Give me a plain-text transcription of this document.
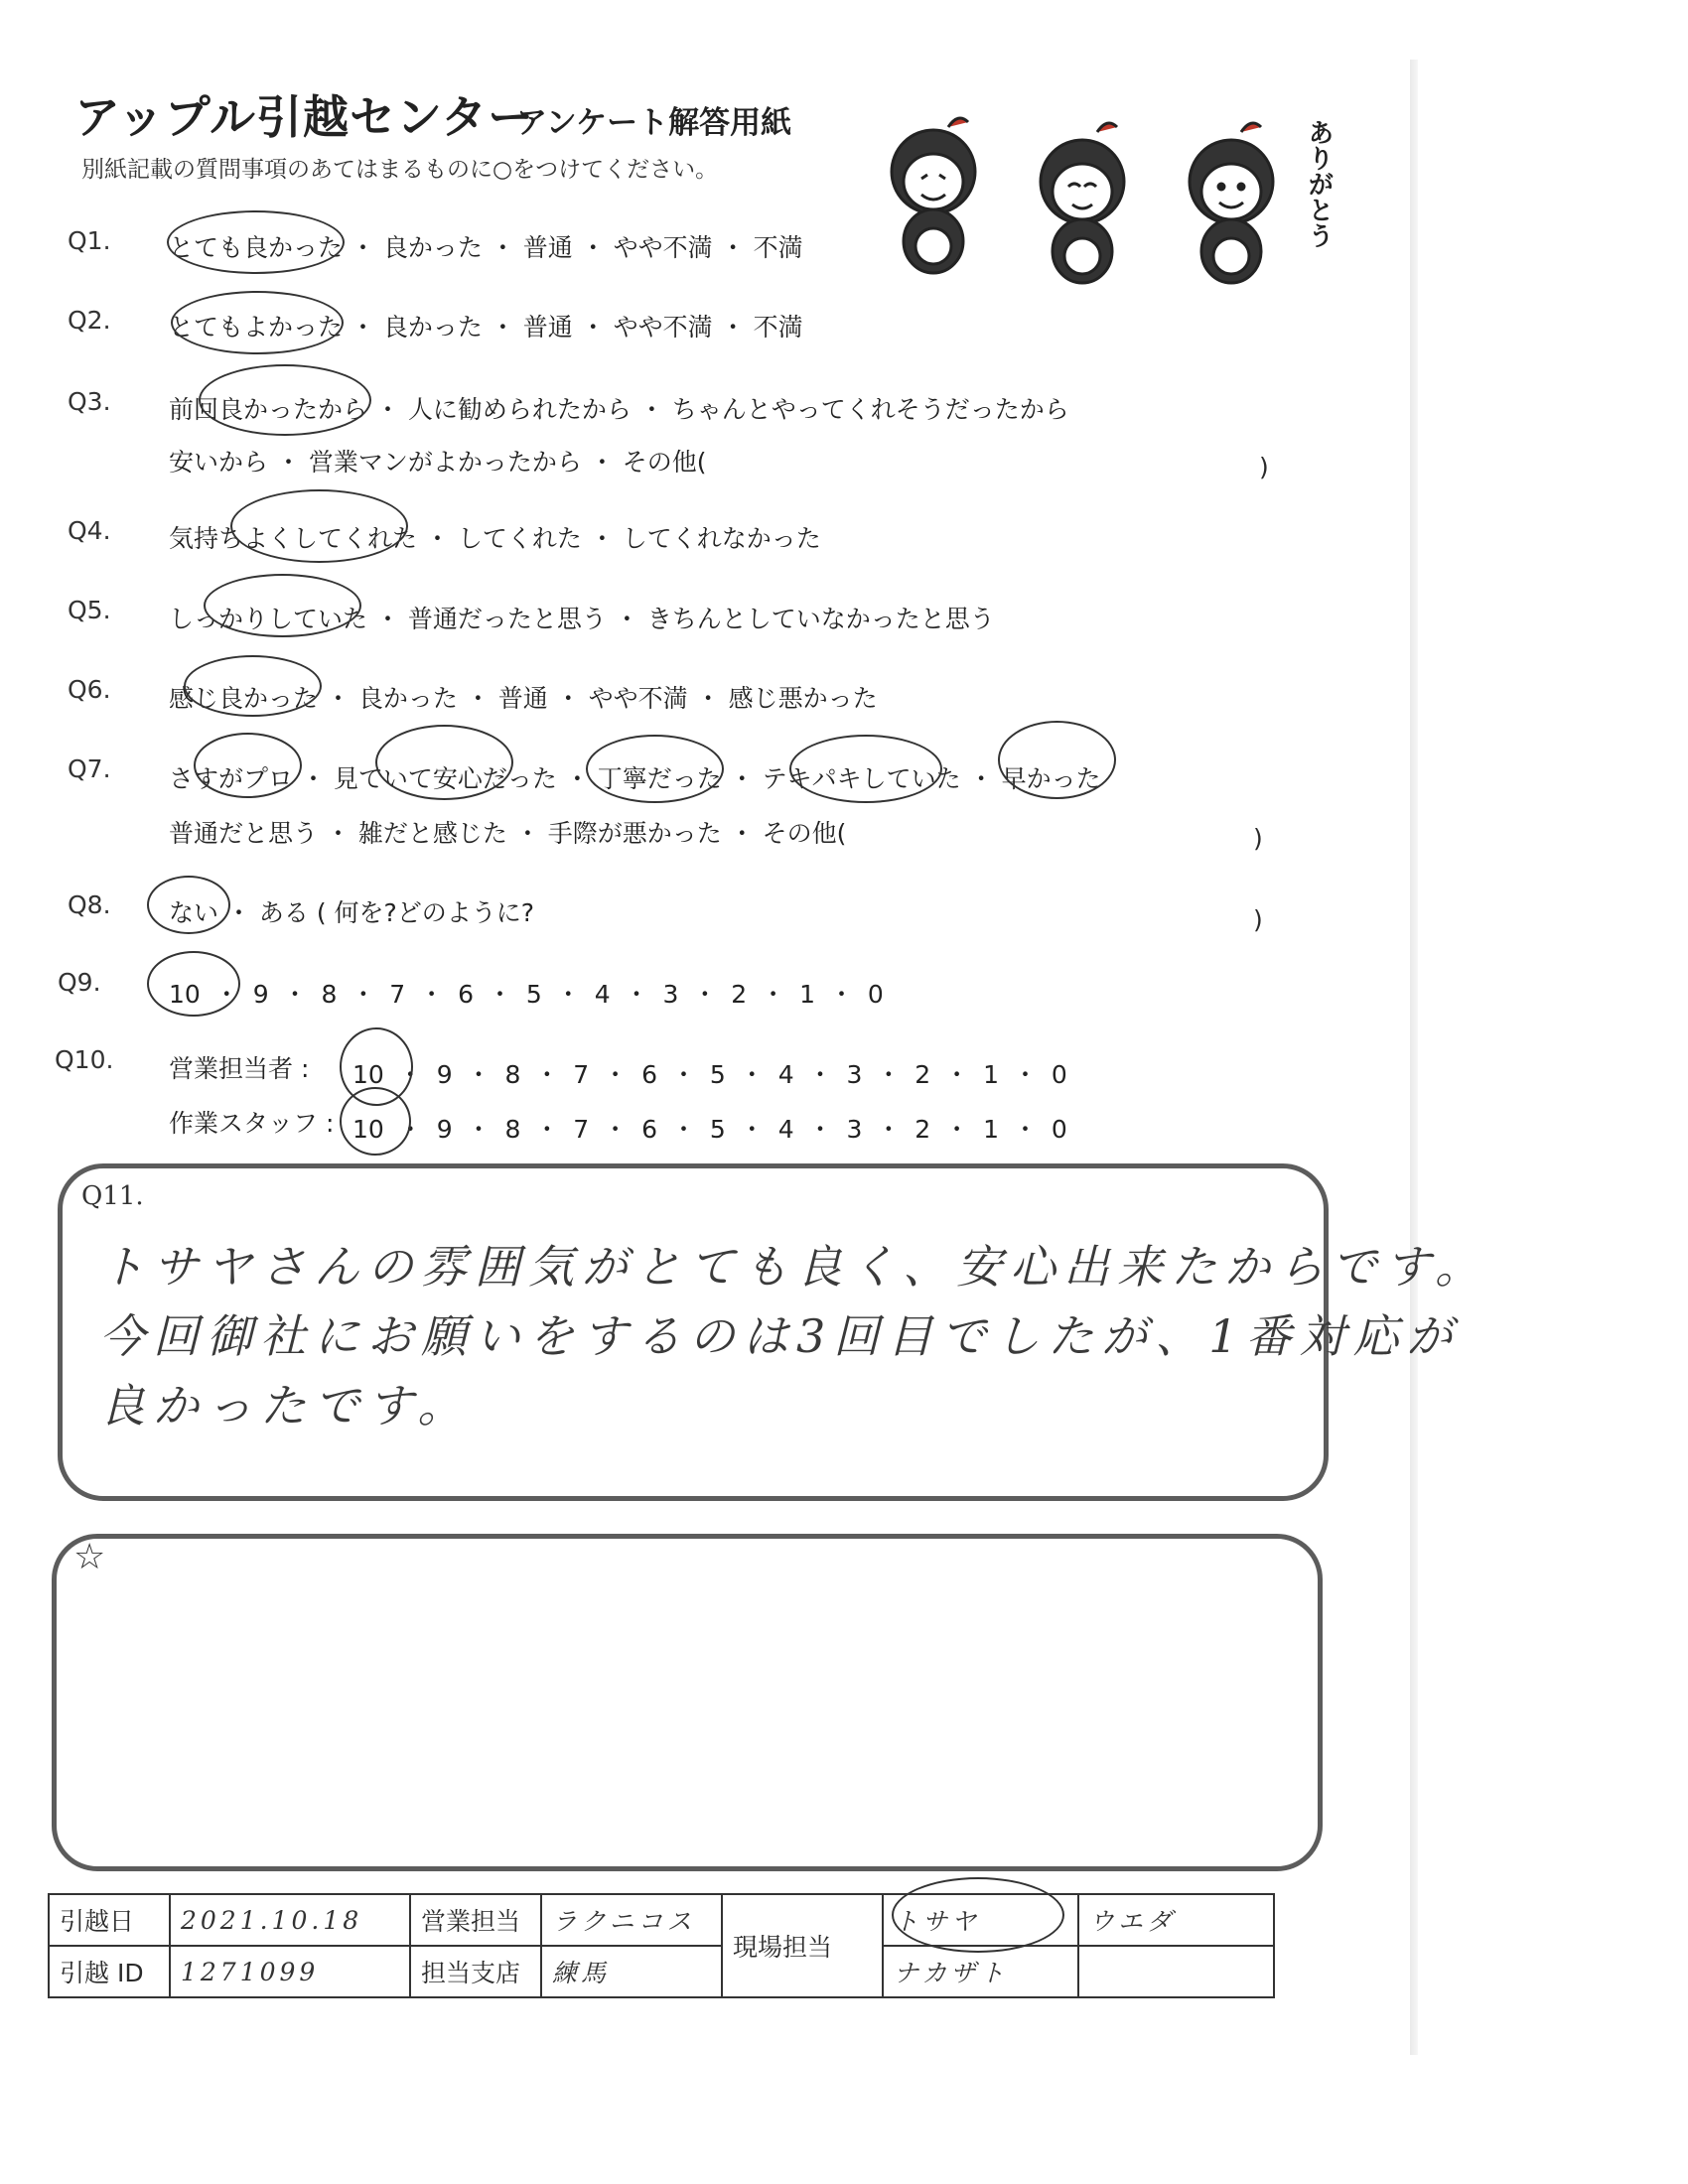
アップル引越センター
アンケート解答用紙
別紙記載の質問事項のあてはまるものに○をつけてください。	ありがとう
Q1. とても良かった ・ 良かった ・ 普通 ・ やや不満 ・ 不満
Q2. とてもよかった ・ 良かった ・ 普通 ・ やや不満 ・ 不満
Q3. 前回良かったから ・ 人に勧められたから ・ ちゃんとやってくれそうだったから
安いから ・ 営業マンがよかったから ・ その他(	)
Q4. 気持ちよくしてくれた ・ してくれた ・ してくれなかった
Q5. しっかりしていた ・ 普通だったと思う ・ きちんとしていなかったと思う
Q6. 感じ良かった ・ 良かった ・ 普通 ・ やや不満 ・ 感じ悪かった
Q7. さすがプロ ・ 見ていて安心だった ・ 丁寧だった ・ テキパキしていた ・ 早かった
普通だと思う ・ 雑だと感じた ・ 手際が悪かった ・ その他(	)
Q8. ない ・ ある ( 何を?どのように?	)
Q9.	10 ・ 9 ・ 8 ・ 7 ・ 6 ・ 5 ・ 4 ・ 3 ・ 2 ・ 1 ・ 0
Q10. 営業担当者 : 10 ・ 9 ・ 8 ・ 7 ・ 6 ・ 5 ・ 4 ・ 3 ・ 2 ・ 1 ・ 0
作業スタッフ : 10 ・ 9 ・ 8 ・ 7 ・ 6 ・ 5 ・ 4 ・ 3 ・ 2 ・ 1 ・ 0
Q11.
トサヤさんの雰囲気がとても良く、安心出来たからです。
今回御社にお願いをするのは3回目でしたが、1番対応が
良かったです。
☆
引越日	2021.10.18	営業担当	ラクニコス	現場担当	トサヤ	ウエダ
引越 ID	1271099	担当支店	練馬		ナカザト	
